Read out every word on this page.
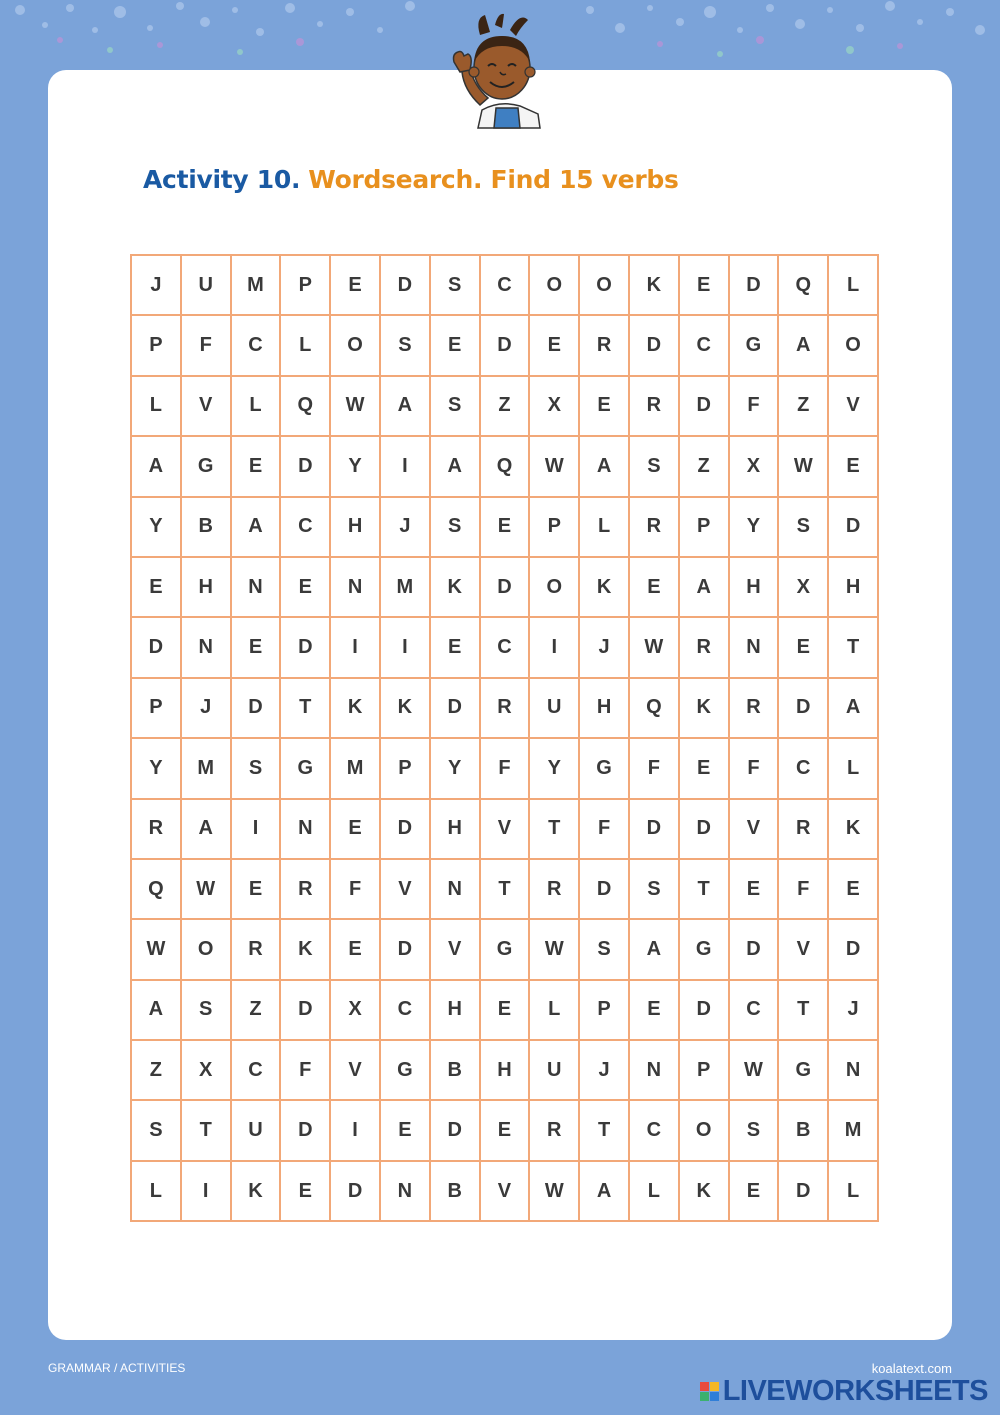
Activity 10. Wordsearch. Find 15 verbs
J	U	M	P	E	D	S	C	O	O	K	E	D	Q	L
P	F	C	L	O	S	E	D	E	R	D	C	G	A	O
L	V	L	Q	W	A	S	Z	X	E	R	D	F	Z	V
A	G	E	D	Y	I	A	Q	W	A	S	Z	X	W	E
Y	B	A	C	H	J	S	E	P	L	R	P	Y	S	D
E	H	N	E	N	M	K	D	O	K	E	A	H	X	H
D	N	E	D	I	I	E	C	I	J	W	R	N	E	T
P	J	D	T	K	K	D	R	U	H	Q	K	R	D	A
Y	M	S	G	M	P	Y	F	Y	G	F	E	F	C	L
R	A	I	N	E	D	H	V	T	F	D	D	V	R	K
Q	W	E	R	F	V	N	T	R	D	S	T	E	F	E
W	O	R	K	E	D	V	G	W	S	A	G	D	V	D
A	S	Z	D	X	C	H	E	L	P	E	D	C	T	J
Z	X	C	F	V	G	B	H	U	J	N	P	W	G	N
S	T	U	D	I	E	D	E	R	T	C	O	S	B	M
L	I	K	E	D	N	B	V	W	A	L	K	E	D	L
GRAMMAR / ACTIVITIES	koalatext.com
LIVEWORKSHEETS
